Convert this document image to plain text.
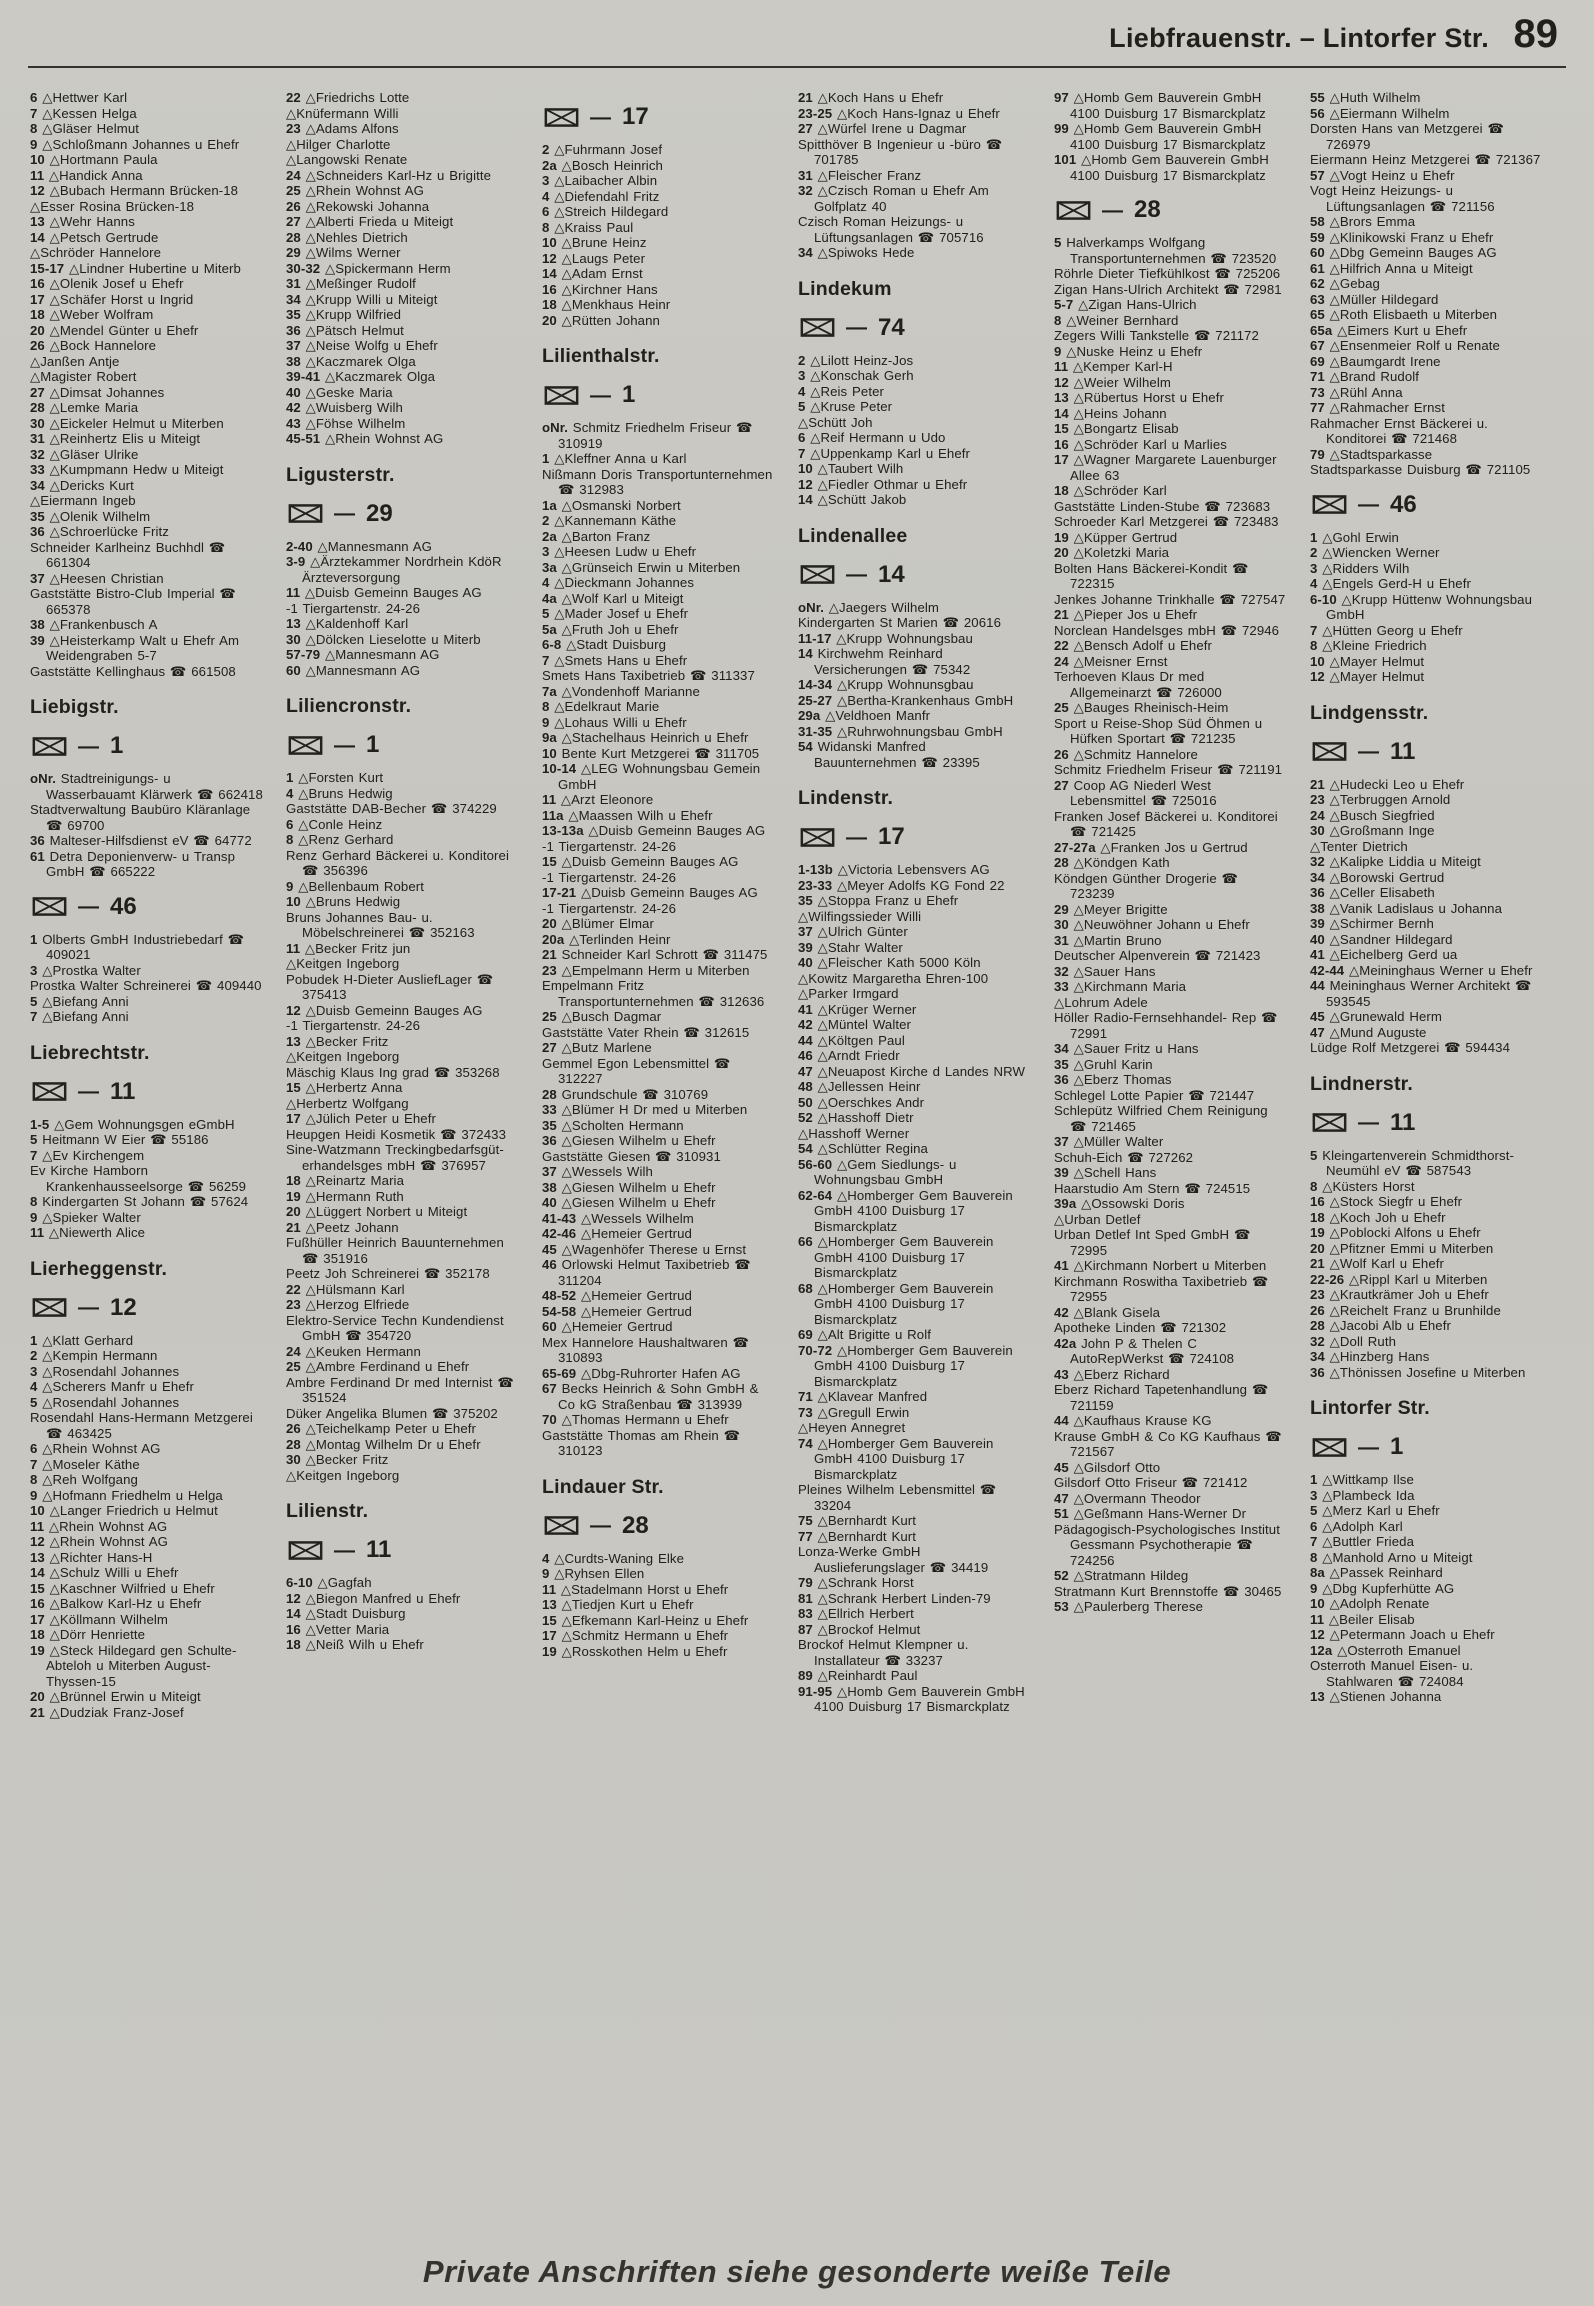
Liebfrauenstr. – Lintorfer Str. 89
6 △Hettwer Karl
7 △Kessen Helga
8 △Gläser Helmut
9 △Schloßmann Johannes u Ehefr
10 △Hortmann Paula
11 △Handick Anna
12 △Bubach Hermann Brücken-18
△Esser Rosina Brücken-18
13 △Wehr Hanns
14 △Petsch Gertrude
△Schröder Hannelore
15-17 △Lindner Hubertine u Miterb
16 △Olenik Josef u Ehefr
17 △Schäfer Horst u Ingrid
18 △Weber Wolfram
20 △Mendel Günter u Ehefr
26 △Bock Hannelore
△Janßen Antje
△Magister Robert
27 △Dimsat Johannes
28 △Lemke Maria
30 △Eickeler Helmut u Miterben
31 △Reinhertz Elis u Miteigt
32 △Gläser Ulrike
33 △Kumpmann Hedw u Miteigt
34 △Dericks Kurt
△Eiermann Ingeb
35 △Olenik Wilhelm
36 △Schroerlücke Fritz
Schneider Karlheinz Buchhdl ☎ 661304
37 △Heesen Christian
Gaststätte Bistro-Club Imperial ☎ 665378
38 △Frankenbusch A
39 △Heisterkamp Walt u Ehefr Am Weidengraben 5-7
Gaststätte Kellinghaus ☎ 661508
Liebigstr.
— 1
oNr. Stadtreinigungs- u Wasserbauamt Klärwerk ☎ 662418
Stadtverwaltung Baubüro Kläranlage ☎ 69700
36 Malteser-Hilfsdienst eV ☎ 64772
61 Detra Deponienverw- u Transp GmbH ☎ 665222
— 46
1 Olberts GmbH Industriebedarf ☎ 409021
3 △Prostka Walter
Prostka Walter Schreinerei ☎ 409440
5 △Biefang Anni
7 △Biefang Anni
Liebrechtstr.
— 11
1-5 △Gem Wohnungsgen eGmbH
5 Heitmann W Eier ☎ 55186
7 △Ev Kirchengem
Ev Kirche Hamborn Krankenhausseelsorge ☎ 56259
8 Kindergarten St Johann ☎ 57624
9 △Spieker Walter
11 △Niewerth Alice
Lierheggenstr.
— 12
1 △Klatt Gerhard
2 △Kempin Hermann
3 △Rosendahl Johannes
4 △Scherers Manfr u Ehefr
5 △Rosendahl Johannes
Rosendahl Hans-Hermann Metzgerei ☎ 463425
6 △Rhein Wohnst AG
7 △Moseler Käthe
8 △Reh Wolfgang
9 △Hofmann Friedhelm u Helga
10 △Langer Friedrich u Helmut
11 △Rhein Wohnst AG
12 △Rhein Wohnst AG
13 △Richter Hans-H
14 △Schulz Willi u Ehefr
15 △Kaschner Wilfried u Ehefr
16 △Balkow Karl-Hz u Ehefr
17 △Köllmann Wilhelm
18 △Dörr Henriette
19 △Steck Hildegard gen Schulte-Abteloh u Miterben August-Thyssen-15
20 △Brünnel Erwin u Miteigt
21 △Dudziak Franz-Josef
22 △Friedrichs Lotte
△Knüfermann Willi
23 △Adams Alfons
△Hilger Charlotte
△Langowski Renate
24 △Schneiders Karl-Hz u Brigitte
25 △Rhein Wohnst AG
26 △Rekowski Johanna
27 △Alberti Frieda u Miteigt
28 △Nehles Dietrich
29 △Wilms Werner
30-32 △Spickermann Herm
31 △Meßinger Rudolf
34 △Krupp Willi u Miteigt
35 △Krupp Wilfried
36 △Pätsch Helmut
37 △Neise Wolfg u Ehefr
38 △Kaczmarek Olga
39-41 △Kaczmarek Olga
40 △Geske Maria
42 △Wuisberg Wilh
43 △Föhse Wilhelm
45-51 △Rhein Wohnst AG
Ligusterstr.
— 29
2-40 △Mannesmann AG
3-9 △Ärztekammer Nordrhein KdöR Ärzteversorgung
11 △Duisb Gemeinn Bauges AG
-1 Tiergartenstr. 24-26
13 △Kaldenhoff Karl
30 △Dölcken Lieselotte u Miterb
57-79 △Mannesmann AG
60 △Mannesmann AG
Liliencronstr.
— 1
1 △Forsten Kurt
4 △Bruns Hedwig
Gaststätte DAB-Becher ☎ 374229
6 △Conle Heinz
8 △Renz Gerhard
Renz Gerhard Bäckerei u. Konditorei ☎ 356396
9 △Bellenbaum Robert
10 △Bruns Hedwig
Bruns Johannes Bau- u. Möbelschreinerei ☎ 352163
11 △Becker Fritz jun
△Keitgen Ingeborg
Pobudek H-Dieter AusliefLager ☎ 375413
12 △Duisb Gemeinn Bauges AG
-1 Tiergartenstr. 24-26
13 △Becker Fritz
△Keitgen Ingeborg
Mäschig Klaus Ing grad ☎ 353268
15 △Herbertz Anna
△Herbertz Wolfgang
17 △Jülich Peter u Ehefr
Heupgen Heidi Kosmetik ☎ 372433
Sine-Watzmann Treckingbedarfsgüt- erhandelsges mbH ☎ 376957
18 △Reinartz Maria
19 △Hermann Ruth
20 △Lüggert Norbert u Miteigt
21 △Peetz Johann
Fußhüller Heinrich Bauunternehmen ☎ 351916
Peetz Joh Schreinerei ☎ 352178
22 △Hülsmann Karl
23 △Herzog Elfriede
Elektro-Service Techn Kundendienst GmbH ☎ 354720
24 △Keuken Hermann
25 △Ambre Ferdinand u Ehefr
Ambre Ferdinand Dr med Internist ☎ 351524
Düker Angelika Blumen ☎ 375202
26 △Teichelkamp Peter u Ehefr
28 △Montag Wilhelm Dr u Ehefr
30 △Becker Fritz
△Keitgen Ingeborg
Lilienstr.
— 11
6-10 △Gagfah
12 △Biegon Manfred u Ehefr
14 △Stadt Duisburg
16 △Vetter Maria
18 △Neiß Wilh u Ehefr
— 17
2 △Fuhrmann Josef
2a △Bosch Heinrich
3 △Laibacher Albin
4 △Diefendahl Fritz
6 △Streich Hildegard
8 △Kraiss Paul
10 △Brune Heinz
12 △Laugs Peter
14 △Adam Ernst
16 △Kirchner Hans
18 △Menkhaus Heinr
20 △Rütten Johann
Lilienthalstr.
— 1
oNr. Schmitz Friedhelm Friseur ☎ 310919
1 △Kleffner Anna u Karl
Nißmann Doris Transportunternehmen ☎ 312983
1a △Osmanski Norbert
2 △Kannemann Käthe
2a △Barton Franz
3 △Heesen Ludw u Ehefr
3a △Grünseich Erwin u Miterben
4 △Dieckmann Johannes
4a △Wolf Karl u Miteigt
5 △Mader Josef u Ehefr
5a △Fruth Joh u Ehefr
6-8 △Stadt Duisburg
7 △Smets Hans u Ehefr
Smets Hans Taxibetrieb ☎ 311337
7a △Vondenhoff Marianne
8 △Edelkraut Marie
9 △Lohaus Willi u Ehefr
9a △Stachelhaus Heinrich u Ehefr
10 Bente Kurt Metzgerei ☎ 311705
10-14 △LEG Wohnungsbau Gemein GmbH
11 △Arzt Eleonore
11a △Maassen Wilh u Ehefr
13-13a △Duisb Gemeinn Bauges AG
-1 Tiergartenstr. 24-26
15 △Duisb Gemeinn Bauges AG
-1 Tiergartenstr. 24-26
17-21 △Duisb Gemeinn Bauges AG
-1 Tiergartenstr. 24-26
20 △Blümer Elmar
20a △Terlinden Heinr
21 Schneider Karl Schrott ☎ 311475
23 △Empelmann Herm u Miterben
Empelmann Fritz Transportunternehmen ☎ 312636
25 △Busch Dagmar
Gaststätte Vater Rhein ☎ 312615
27 △Butz Marlene
Gemmel Egon Lebensmittel ☎ 312227
28 Grundschule ☎ 310769
33 △Blümer H Dr med u Miterben
35 △Scholten Hermann
36 △Giesen Wilhelm u Ehefr
Gaststätte Giesen ☎ 310931
37 △Wessels Wilh
38 △Giesen Wilhelm u Ehefr
40 △Giesen Wilhelm u Ehefr
41-43 △Wessels Wilhelm
42-46 △Hemeier Gertrud
45 △Wagenhöfer Therese u Ernst
46 Orlowski Helmut Taxibetrieb ☎ 311204
48-52 △Hemeier Gertrud
54-58 △Hemeier Gertrud
60 △Hemeier Gertrud
Mex Hannelore Haushaltwaren ☎ 310893
65-69 △Dbg-Ruhrorter Hafen AG
67 Becks Heinrich & Sohn GmbH & Co kG Straßenbau ☎ 313939
70 △Thomas Hermann u Ehefr
Gaststätte Thomas am Rhein ☎ 310123
Lindauer Str.
— 28
4 △Curdts-Waning Elke
9 △Ryhsen Ellen
11 △Stadelmann Horst u Ehefr
13 △Tiedjen Kurt u Ehefr
15 △Efkemann Karl-Heinz u Ehefr
17 △Schmitz Hermann u Ehefr
19 △Rosskothen Helm u Ehefr
21 △Koch Hans u Ehefr
23-25 △Koch Hans-Ignaz u Ehefr
27 △Würfel Irene u Dagmar
Spitthöver B Ingenieur u -büro ☎ 701785
31 △Fleischer Franz
32 △Czisch Roman u Ehefr Am Golfplatz 40
Czisch Roman Heizungs- u Lüftungsanlagen ☎ 705716
34 △Spiwoks Hede
Lindekum
— 74
2 △Lilott Heinz-Jos
3 △Konschak Gerh
4 △Reis Peter
5 △Kruse Peter
△Schütt Joh
6 △Reif Hermann u Udo
7 △Uppenkamp Karl u Ehefr
10 △Taubert Wilh
12 △Fiedler Othmar u Ehefr
14 △Schütt Jakob
Lindenallee
— 14
oNr. △Jaegers Wilhelm
Kindergarten St Marien ☎ 20616
11-17 △Krupp Wohnungsbau
14 Kirchwehm Reinhard Versicherungen ☎ 75342
14-34 △Krupp Wohnunsgbau
25-27 △Bertha-Krankenhaus GmbH
29a △Veldhoen Manfr
31-35 △Ruhrwohnungsbau GmbH
54 Widanski Manfred Bauunternehmen ☎ 23395
Lindenstr.
— 17
1-13b △Victoria Lebensvers AG
23-33 △Meyer Adolfs KG Fond 22
35 △Stoppa Franz u Ehefr
△Wilfingssieder Willi
37 △Ulrich Günter
39 △Stahr Walter
40 △Fleischer Kath 5000 Köln
△Kowitz Margaretha Ehren-100
△Parker Irmgard
41 △Krüger Werner
42 △Müntel Walter
44 △Költgen Paul
46 △Arndt Friedr
47 △Neuapost Kirche d Landes NRW
48 △Jellessen Heinr
50 △Oerschkes Andr
52 △Hasshoff Dietr
△Hasshoff Werner
54 △Schlütter Regina
56-60 △Gem Siedlungs- u Wohnungsbau GmbH
62-64 △Homberger Gem Bauverein GmbH 4100 Duisburg 17 Bismarckplatz
66 △Homberger Gem Bauverein GmbH 4100 Duisburg 17 Bismarckplatz
68 △Homberger Gem Bauverein GmbH 4100 Duisburg 17 Bismarckplatz
69 △Alt Brigitte u Rolf
70-72 △Homberger Gem Bauverein GmbH 4100 Duisburg 17 Bismarckplatz
71 △Klavear Manfred
73 △Gregull Erwin
△Heyen Annegret
74 △Homberger Gem Bauverein GmbH 4100 Duisburg 17 Bismarckplatz
Pleines Wilhelm Lebensmittel ☎ 33204
75 △Bernhardt Kurt
77 △Bernhardt Kurt
Lonza-Werke GmbH Auslieferungslager ☎ 34419
79 △Schrank Horst
81 △Schrank Herbert Linden-79
83 △Ellrich Herbert
87 △Brockof Helmut
Brockof Helmut Klempner u. Installateur ☎ 33237
89 △Reinhardt Paul
91-95 △Homb Gem Bauverein GmbH 4100 Duisburg 17 Bismarckplatz
97 △Homb Gem Bauverein GmbH 4100 Duisburg 17 Bismarckplatz
99 △Homb Gem Bauverein GmbH 4100 Duisburg 17 Bismarckplatz
101 △Homb Gem Bauverein GmbH 4100 Duisburg 17 Bismarckplatz
— 28
5 Halverkamps Wolfgang Transportunternehmen ☎ 723520
Röhrle Dieter Tiefkühlkost ☎ 725206
Zigan Hans-Ulrich Architekt ☎ 72981
5-7 △Zigan Hans-Ulrich
8 △Weiner Bernhard
Zegers Willi Tankstelle ☎ 721172
9 △Nuske Heinz u Ehefr
11 △Kemper Karl-H
12 △Weier Wilhelm
13 △Rübertus Horst u Ehefr
14 △Heins Johann
15 △Bongartz Elisab
16 △Schröder Karl u Marlies
17 △Wagner Margarete Lauenburger Allee 63
18 △Schröder Karl
Gaststätte Linden-Stube ☎ 723683
Schroeder Karl Metzgerei ☎ 723483
19 △Küpper Gertrud
20 △Koletzki Maria
Bolten Hans Bäckerei-Kondit ☎ 722315
Jenkes Johanne Trinkhalle ☎ 727547
21 △Pieper Jos u Ehefr
Norclean Handelsges mbH ☎ 72946
22 △Bensch Adolf u Ehefr
24 △Meisner Ernst
Terhoeven Klaus Dr med Allgemeinarzt ☎ 726000
25 △Bauges Rheinisch-Heim
Sport u Reise-Shop Süd Öhmen u Hüfken Sportart ☎ 721235
26 △Schmitz Hannelore
Schmitz Friedhelm Friseur ☎ 721191
27 Coop AG Niederl West Lebensmittel ☎ 725016
Franken Josef Bäckerei u. Konditorei ☎ 721425
27-27a △Franken Jos u Gertrud
28 △Köndgen Kath
Köndgen Günther Drogerie ☎ 723239
29 △Meyer Brigitte
30 △Neuwöhner Johann u Ehefr
31 △Martin Bruno
Deutscher Alpenverein ☎ 721423
32 △Sauer Hans
33 △Kirchmann Maria
△Lohrum Adele
Höller Radio-Fernsehhandel- Rep ☎ 72991
34 △Sauer Fritz u Hans
35 △Gruhl Karin
36 △Eberz Thomas
Schlegel Lotte Papier ☎ 721447
Schlepütz Wilfried Chem Reinigung ☎ 721465
37 △Müller Walter
Schuh-Eich ☎ 727262
39 △Schell Hans
Haarstudio Am Stern ☎ 724515
39a △Ossowski Doris
△Urban Detlef
Urban Detlef Int Sped GmbH ☎ 72995
41 △Kirchmann Norbert u Miterben
Kirchmann Roswitha Taxibetrieb ☎ 72955
42 △Blank Gisela
Apotheke Linden ☎ 721302
42a John P & Thelen C AutoRepWerkst ☎ 724108
43 △Eberz Richard
Eberz Richard Tapetenhandlung ☎ 721159
44 △Kaufhaus Krause KG
Krause GmbH & Co KG Kaufhaus ☎ 721567
45 △Gilsdorf Otto
Gilsdorf Otto Friseur ☎ 721412
47 △Overmann Theodor
51 △Geßmann Hans-Werner Dr
Pädagogisch-Psychologisches Institut Gessmann Psychotherapie ☎ 724256
52 △Stratmann Hildeg
Stratmann Kurt Brennstoffe ☎ 30465
53 △Paulerberg Therese
55 △Huth Wilhelm
56 △Eiermann Wilhelm
Dorsten Hans van Metzgerei ☎ 726979
Eiermann Heinz Metzgerei ☎ 721367
57 △Vogt Heinz u Ehefr
Vogt Heinz Heizungs- u Lüftungsanlagen ☎ 721156
58 △Brors Emma
59 △Klinikowski Franz u Ehefr
60 △Dbg Gemeinn Bauges AG
61 △Hilfrich Anna u Miteigt
62 △Gebag
63 △Müller Hildegard
65 △Roth Elisbaeth u Miterben
65a △Eimers Kurt u Ehefr
67 △Ensenmeier Rolf u Renate
69 △Baumgardt Irene
71 △Brand Rudolf
73 △Rühl Anna
77 △Rahmacher Ernst
Rahmacher Ernst Bäckerei u. Konditorei ☎ 721468
79 △Stadtsparkasse
Stadtsparkasse Duisburg ☎ 721105
— 46
1 △Gohl Erwin
2 △Wiencken Werner
3 △Ridders Wilh
4 △Engels Gerd-H u Ehefr
6-10 △Krupp Hüttenw Wohnungsbau GmbH
7 △Hütten Georg u Ehefr
8 △Kleine Friedrich
10 △Mayer Helmut
12 △Mayer Helmut
Lindgensstr.
— 11
21 △Hudecki Leo u Ehefr
23 △Terbruggen Arnold
24 △Busch Siegfried
30 △Großmann Inge
△Tenter Dietrich
32 △Kalipke Liddia u Miteigt
34 △Borowski Gertrud
36 △Celler Elisabeth
38 △Vanik Ladislaus u Johanna
39 △Schirmer Bernh
40 △Sandner Hildegard
41 △Eichelberg Gerd ua
42-44 △Meininghaus Werner u Ehefr
44 Meininghaus Werner Architekt ☎ 593545
45 △Grunewald Herm
47 △Mund Auguste
Lüdge Rolf Metzgerei ☎ 594434
Lindnerstr.
— 11
5 Kleingartenverein Schmidthorst- Neumühl eV ☎ 587543
8 △Küsters Horst
16 △Stock Siegfr u Ehefr
18 △Koch Joh u Ehefr
19 △Poblocki Alfons u Ehefr
20 △Pfitzner Emmi u Miterben
21 △Wolf Karl u Ehefr
22-26 △Rippl Karl u Miterben
23 △Krautkrämer Joh u Ehefr
26 △Reichelt Franz u Brunhilde
28 △Jacobi Alb u Ehefr
32 △Doll Ruth
34 △Hinzberg Hans
36 △Thönissen Josefine u Miterben
Lintorfer Str.
— 1
1 △Wittkamp Ilse
3 △Plambeck Ida
5 △Merz Karl u Ehefr
6 △Adolph Karl
7 △Buttler Frieda
8 △Manhold Arno u Miteigt
8a △Passek Reinhard
9 △Dbg Kupferhütte AG
10 △Adolph Renate
11 △Beiler Elisab
12 △Petermann Joach u Ehefr
12a △Osterroth Emanuel
Osterroth Manuel Eisen- u. Stahlwaren ☎ 724084
13 △Stienen Johanna
Private Anschriften siehe gesonderte weiße Teile
